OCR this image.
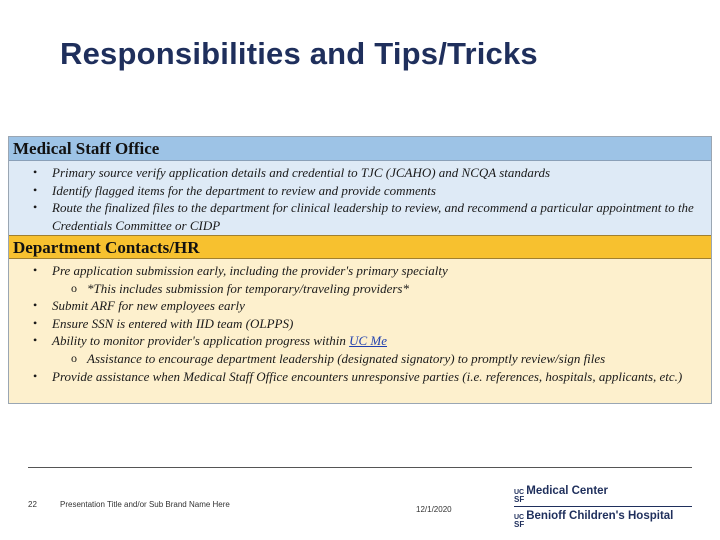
Responsibilities and Tips/Tricks
Medical Staff Office
• Primary source verify application details and credential to TJC (JCAHO) and NCQA standards
• Identify flagged items for the department to review and provide comments
• Route the finalized files to the department for clinical leadership to review, and recommend a particular appointment to the Credentials Committee or CIDP
Department Contacts/HR
• Pre application submission early, including the provider's primary specialty
o *This includes submission for temporary/traveling providers*
• Submit ARF for new employees early
• Ensure SSN is entered with IID team (OLPPS)
• Ability to monitor provider's application progress within UC Me
o Assistance to encourage department leadership (designated signatory) to promptly review/sign files
• Provide assistance when Medical Staff Office encounters unresponsive parties (i.e. references, hospitals, applicants, etc.)
22	Presentation Title and/or Sub Brand Name Here
12/1/2020
UC
SF
Medical Center
UC
SF
Benioff Children's Hospital
